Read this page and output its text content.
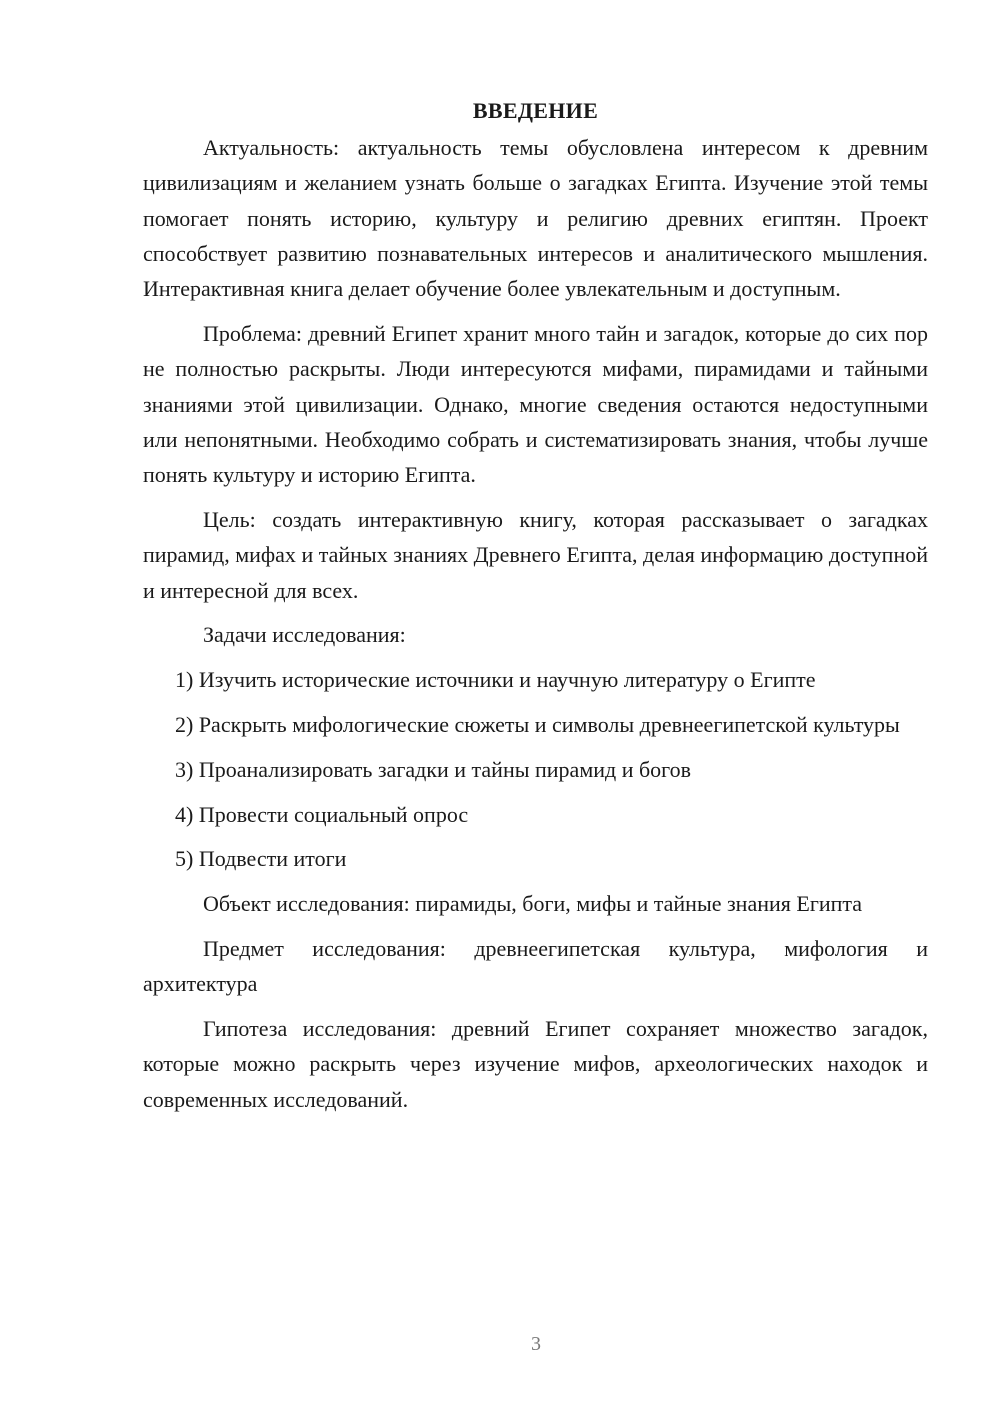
ВВЕДЕНИЕ

Актуальность: актуальность темы обусловлена интересом к древним цивилизациям и желанием узнать больше о загадках Египта. Изучение этой темы помогает понять историю, культуру и религию древних египтян. Проект способствует развитию познавательных интересов и аналитического мышления. Интерактивная книга делает обучение более увлекательным и доступным.

Проблема: древний Египет хранит много тайн и загадок, которые до сих пор не полностью раскрыты. Люди интересуются мифами, пирамидами и тайными знаниями этой цивилизации. Однако, многие сведения остаются недоступными или непонятными. Необходимо собрать и систематизировать знания, чтобы лучше понять культуру и историю Египта.

Цель: создать интерактивную книгу, которая рассказывает о загадках пирамид, мифах и тайных знаниях Древнего Египта, делая информацию доступной и интересной для всех.

Задачи исследования:

1) Изучить исторические источники и научную литературу о Египте

2) Раскрыть мифологические сюжеты и символы древнеегипетской культуры

3) Проанализировать загадки и тайны пирамид и богов

4) Провести социальный опрос

5) Подвести итоги

Объект исследования: пирамиды, боги, мифы и тайные знания Египта

Предмет исследования: древнеегипетская культура, мифология и архитектура

Гипотеза исследования: древний Египет сохраняет множество загадок, которые можно раскрыть через изучение мифов, археологических находок и современных исследований.

3
